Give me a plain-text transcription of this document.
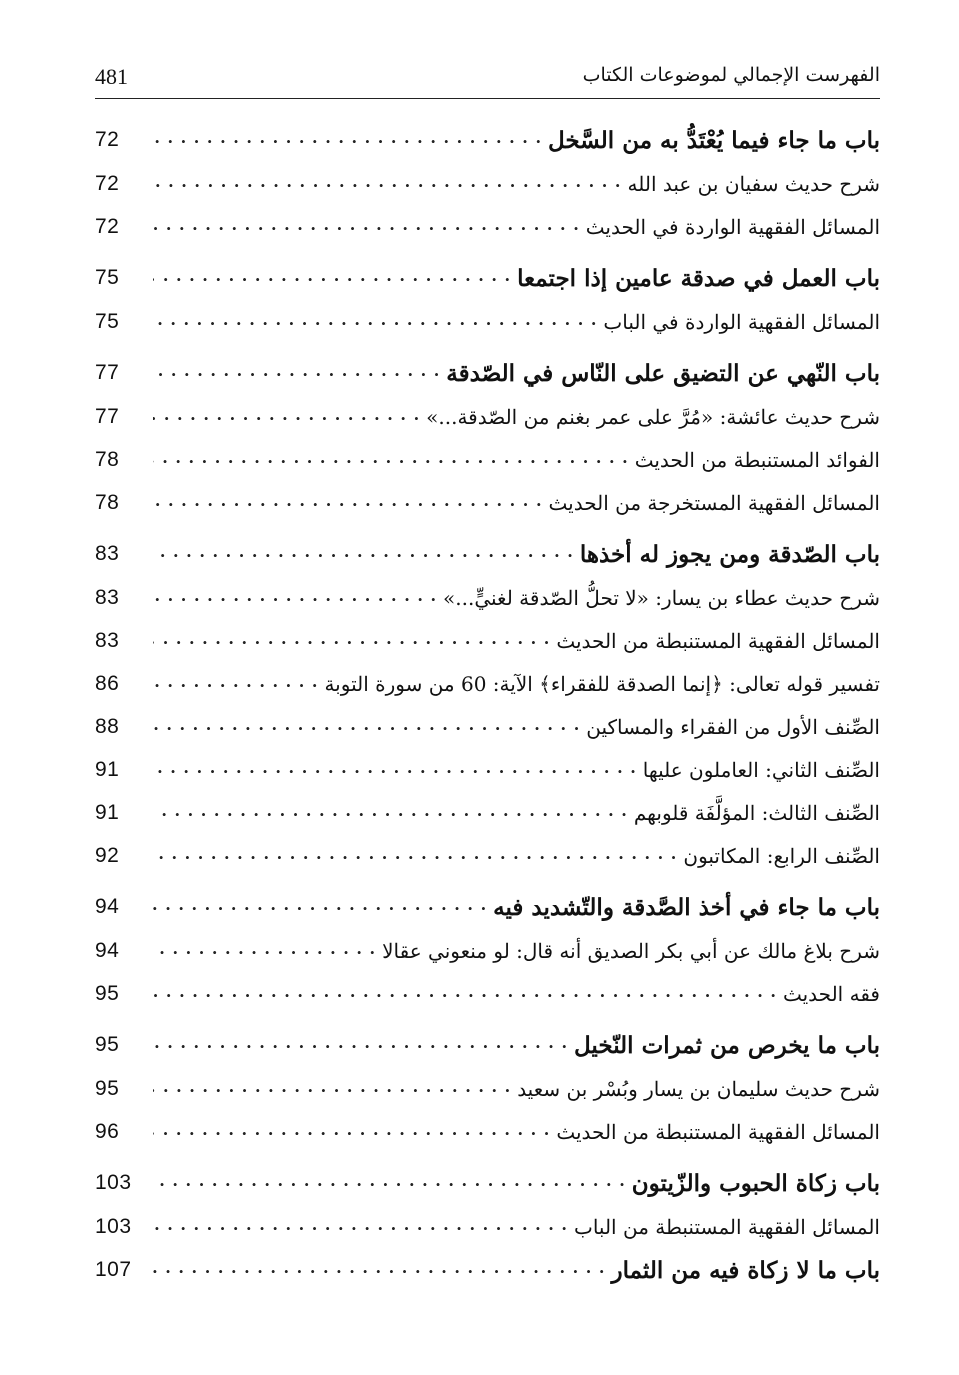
الفهرست الإجمالي لموضوعات الكتاب
481
72 . . .	باب ما جاء فيما يُعْتَدُّ به من السَّخل
72 . . .	شرح حديث سفيان بن عبد الله
72 . . .	المسائل الفقهية الواردة في الحديث
75 . . .	باب العمل في صدقة عامين إذا اجتمعا
75 . . .	المسائل الفقهية الواردة في الباب
77 . . .	باب النّهي عن التضيق على النّاس في الصّدقة
77 . . .	شرح حديث عائشة: «مُرَّ على عمر بغنم من الصّدقة...»
78 . . .	الفوائد المستنبطة من الحديث
78 . . .	المسائل الفقهية المستخرجة من الحديث
83 . . .	باب الصّدقة ومن يجوز له أخذها
83 . . .	شرح حديث عطاء بن يسار: «لا تحلُّ الصّدقة لغنيٍّ...»
83 . . .	المسائل الفقهية المستنبطة من الحديث
86 . . .	تفسير قوله تعالى: ﴿إنما الصدقة للفقراء﴾ الآية: 60 من سورة التوبة
88 . . .	الصِّنف الأول من الفقراء والمساكين
91 . . .	الصِّنف الثاني: العاملون عليها
91 . . .	الصِّنف الثالث: المؤلَّفَة قلوبهم
92 . . .	الصِّنف الرابع: المكاتبون
94 . . .	باب ما جاء في أخذ الصَّدقة والتّشديد فيه
94 . . .	شرح بلاغ مالك عن أبي بكر الصديق أنه قال: لو منعوني عقالا
95 . . .	فقه الحديث
95 . . .	باب ما يخرص من ثمرات النّخيل
95 . . .	شرح حديث سليمان بن يسار وبُسْر بن سعيد
96 . . .	المسائل الفقهية المستنبطة من الحديث
103 . . .	باب زكاة الحبوب والزّيتون
103 . . .	المسائل الفقهية المستنبطة من الباب
107 . . .	باب ما لا زكاة فيه من الثمار
